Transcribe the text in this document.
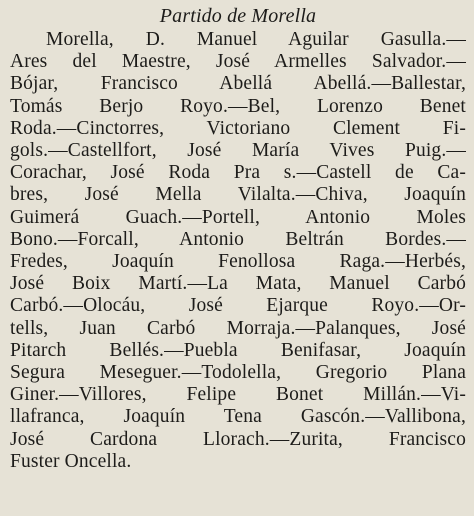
Partido de Morella
Morella, D. Manuel Aguilar Gasulla.—
Ares del Maestre, José Armelles Salvador.—
Bójar, Francisco Abellá Abellá.—Ballestar,
Tomás Berjo Royo.—Bel, Lorenzo Benet
Roda.—Cinctorres, Victoriano Clement Fi-
gols.—Castellfort, José María Vives Puig.—
Corachar, José Roda Pra s.—Castell de Ca-
bres, José Mella Vilalta.—Chiva, Joaquín
Guimerá Guach.—Portell, Antonio Moles
Bono.—Forcall, Antonio Beltrán Bordes.—
Fredes, Joaquín Fenollosa Raga.—Herbés,
José Boix Martí.—La Mata, Manuel Carbó
Carbó.—Olocáu, José Ejarque Royo.—Or-
tells, Juan Carbó Morraja.—Palanques, José
Pitarch Bellés.—Puebla Benifasar, Joaquín
Segura Meseguer.—Todolella, Gregorio Plana
Giner.—Villores, Felipe Bonet Millán.—Vi-
llafranca, Joaquín Tena Gascón.—Vallibona,
José Cardona Llorach.—Zurita, Francisco
Fuster Oncella.
